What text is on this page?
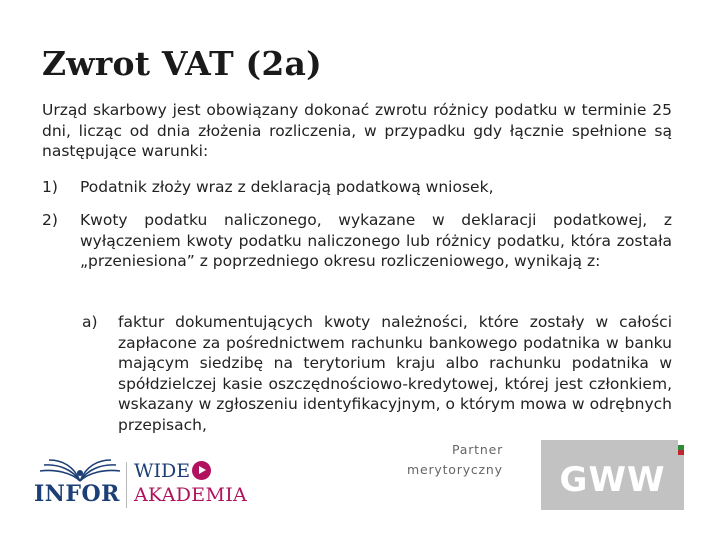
Zwrot VAT (2a)
Urząd skarbowy jest obowiązany dokonać zwrotu różnicy podatku w terminie 25 dni, licząc od dnia złożenia rozliczenia, w przypadku gdy łącznie spełnione są następujące warunki:
1)	Podatnik złoży wraz z deklaracją podatkową wniosek,
2)	Kwoty podatku naliczonego, wykazane w deklaracji podatkowej, z wyłączeniem kwoty podatku naliczonego lub różnicy podatku, która została „przeniesiona” z poprzedniego okresu rozliczeniowego, wynikają z:
a)	faktur dokumentujących kwoty należności, które zostały w całości zapłacone za pośrednictwem rachunku bankowego podatnika w banku mającym siedzibę na terytorium kraju albo rachunku podatnika w spółdzielczej kasie oszczędnościowo-kredytowej, której jest członkiem, wskazany w zgłoszeniu identyfikacyjnym, o którym mowa w odrębnych przepisach,
INFOR
WIDE
AKADEMIA
Partner
merytoryczny	GWW
